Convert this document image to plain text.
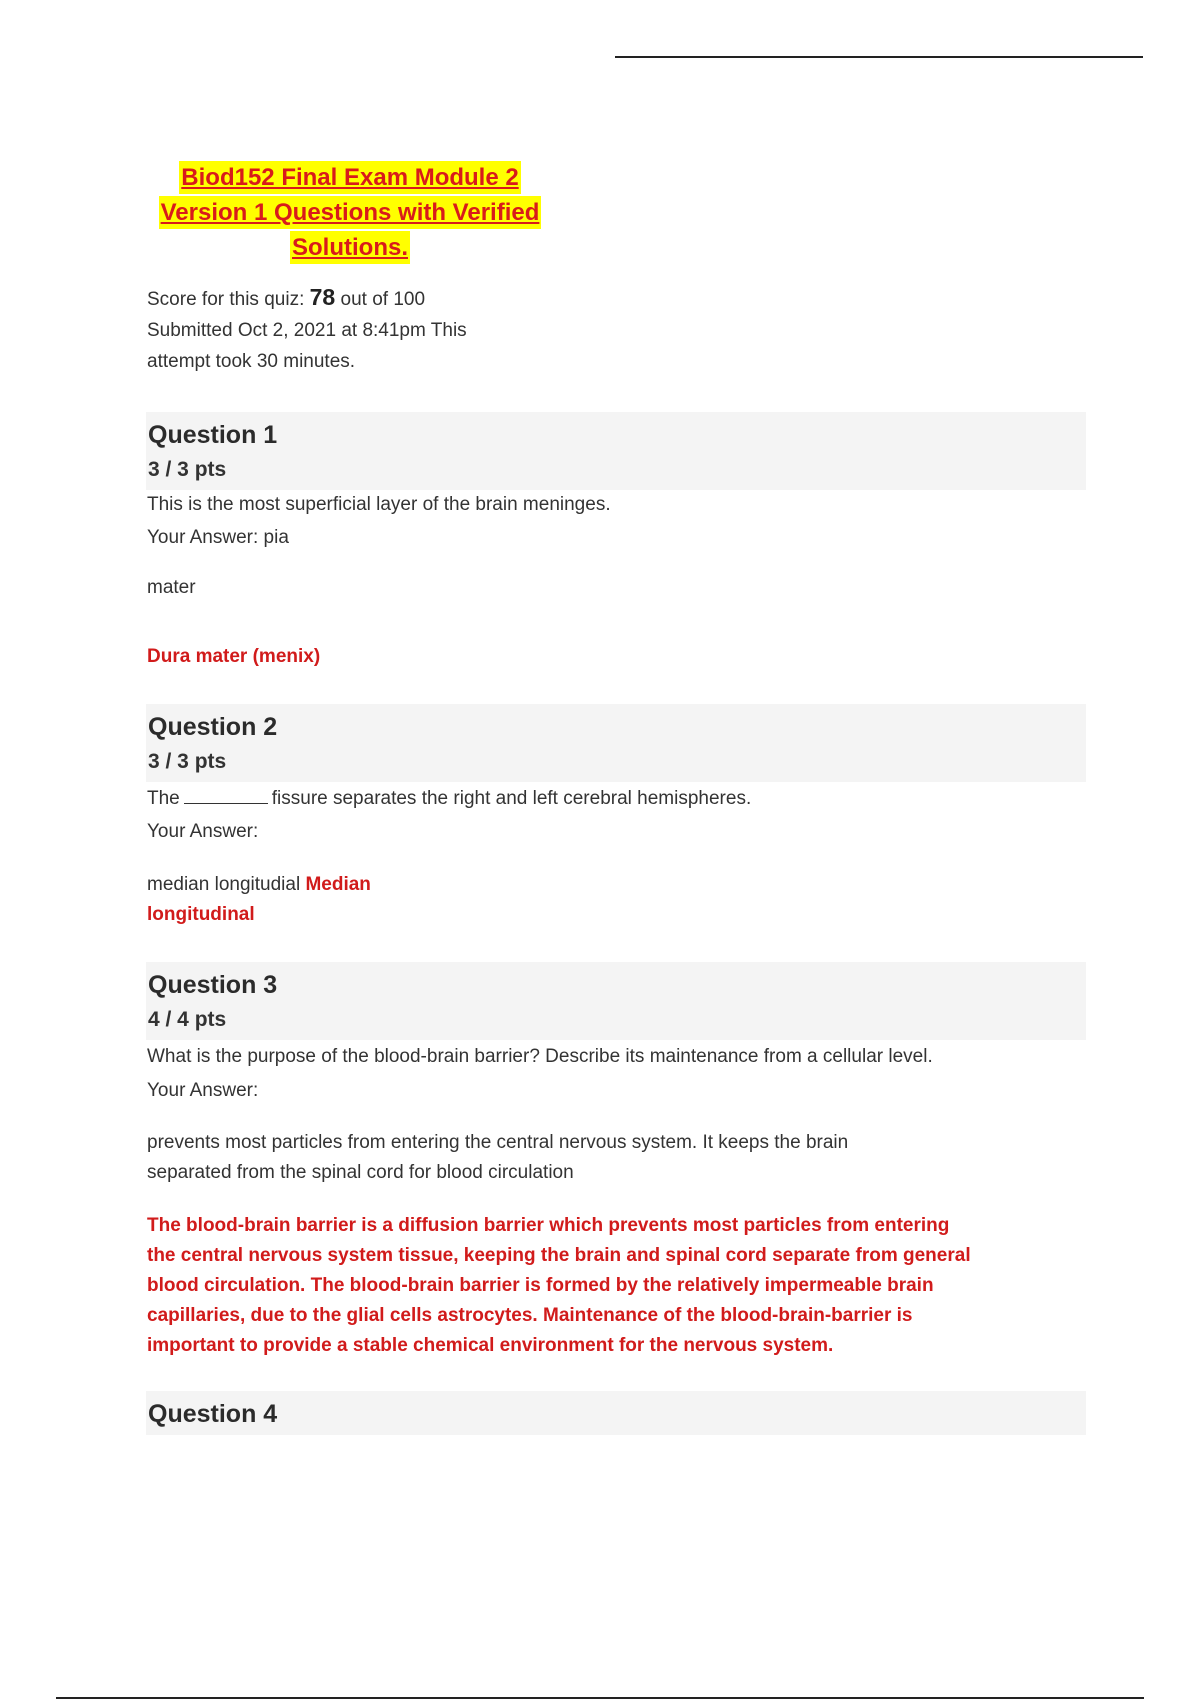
Biod152 Final Exam Module 2
Version 1 Questions with Verified
Solutions.
Score for this quiz: 78 out of 100
Submitted Oct 2, 2021 at 8:41pm This
attempt took 30 minutes.
Question 1
3 / 3 pts
This is the most superficial layer of the brain meninges.
Your Answer: pia
mater
Dura mater (menix)
Question 2
3 / 3 pts
The	fissure separates the right and left cerebral hemispheres.
Your Answer:
median longitudial Median
longitudinal
Question 3
4 / 4 pts
What is the purpose of the blood-brain barrier? Describe its maintenance from a cellular level.
Your Answer:
prevents most particles from entering the central nervous system. It keeps the brain
separated from the spinal cord for blood circulation
The blood-brain barrier is a diffusion barrier which prevents most particles from entering
the central nervous system tissue, keeping the brain and spinal cord separate from general
blood circulation. The blood-brain barrier is formed by the relatively impermeable brain
capillaries, due to the glial cells astrocytes. Maintenance of the blood-brain-barrier is
important to provide a stable chemical environment for the nervous system.
Question 4
